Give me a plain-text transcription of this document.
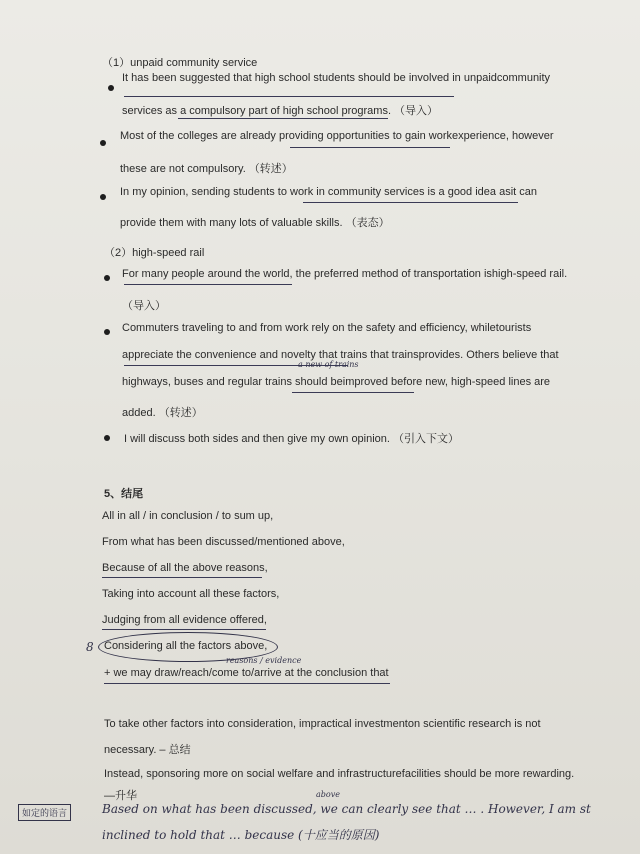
（1）unpaid community service
It has been suggested that high school students should be involved in unpaidcommunity
services as a compulsory part of high school programs. （导入）
Most of the colleges are already providing opportunities to gain workexperience, however
these are not compulsory. （转述）
In my opinion, sending students to work in community services is a good idea asit can
provide them with many lots of valuable skills. （表态）
（2）high-speed rail
For many people around the world, the preferred method of transportation ishigh-speed rail.
（导入）
Commuters traveling to and from work rely on the safety and efficiency, whiletourists
appreciate the convenience and novelty that trains that trainsprovides. Others believe that
a new of trains
highways, buses and regular trains should beimproved before new, high-speed lines are
added. （转述）
I will discuss both sides and then give my own opinion. （引入下文）
5、结尾
All in all / in conclusion / to sum up,
From what has been discussed/mentioned above,
Because of all the above reasons,
Taking into account all these factors,
Judging from all evidence offered,
8 Considering all the factors above,
reasons / evidence
+ we may draw/reach/come to/arrive at the conclusion that
To take other factors into consideration, impractical investmenton scientific research is not
necessary. – 总结
Instead, sponsoring more on social welfare and infrastructurefacilities should be more rewarding.
—升华	above
如定的语言	Based on what has been discussed, we can clearly see that … . However, I am st
inclined to hold that … because (十应当的原因)
